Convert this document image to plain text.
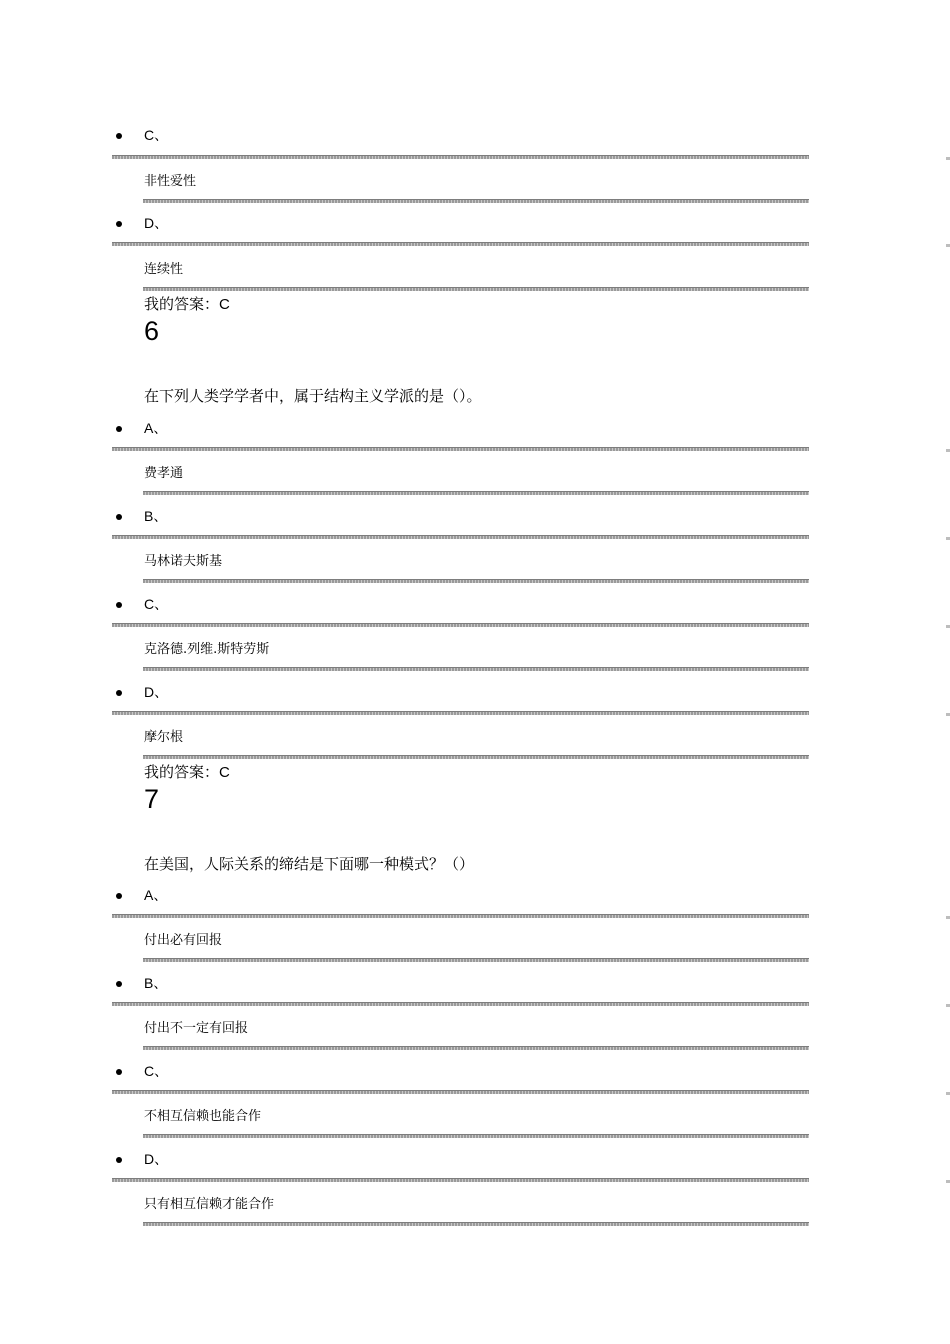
C、
非性爱性
D、
连续性
我的答案：C
6
在下列人类学学者中，属于结构主义学派的是（）。
A、
费孝通
B、
马林诺夫斯基
C、
克洛德.列维.斯特劳斯
D、
摩尔根
我的答案：C
7
在美国，人际关系的缔结是下面哪一种模式？（）
A、
付出必有回报
B、
付出不一定有回报
C、
不相互信赖也能合作
D、
只有相互信赖才能合作
